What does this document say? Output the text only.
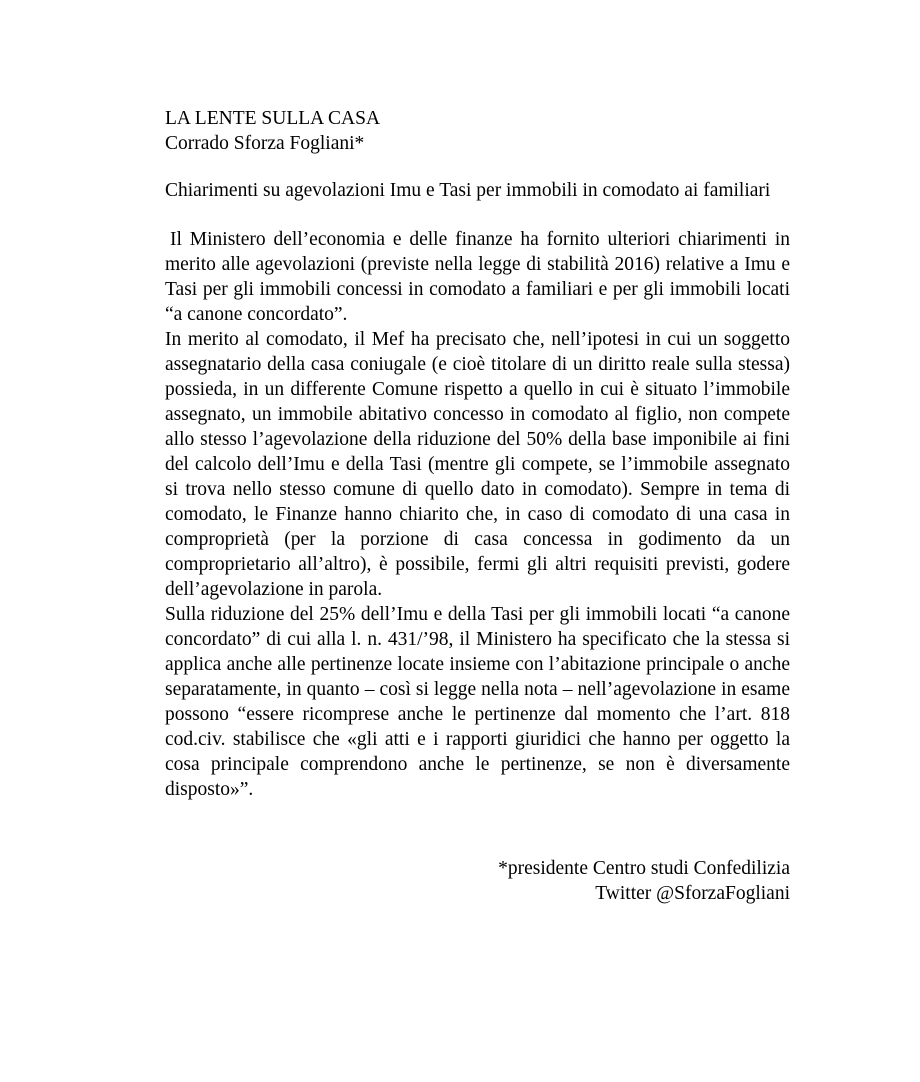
LA LENTE SULLA CASA
Corrado Sforza Fogliani*

Chiarimenti su agevolazioni Imu e Tasi per immobili in comodato ai familiari

Il Ministero dell’economia e delle finanze ha fornito ulteriori chiarimenti in merito alle agevolazioni (previste nella legge di stabilità 2016) relative a Imu e Tasi per gli immobili concessi in comodato a familiari e per gli immobili locati “a canone concordato”.

In merito al comodato, il Mef ha precisato che, nell’ipotesi in cui un soggetto assegnatario della casa coniugale (e cioè titolare di un diritto reale sulla stessa) possieda, in un differente Comune rispetto a quello in cui è situato l’immobile assegnato, un immobile abitativo concesso in comodato al figlio, non compete allo stesso l’agevolazione della riduzione del 50% della base imponibile ai fini del calcolo dell’Imu e della Tasi (mentre gli compete, se l’immobile assegnato si trova nello stesso comune di quello dato in comodato). Sempre in tema di comodato, le Finanze hanno chiarito che, in caso di comodato di una casa in comproprietà (per la porzione di casa concessa in godimento da un comproprietario all’altro), è possibile, fermi gli altri requisiti previsti, godere dell’agevolazione in parola.

Sulla riduzione del 25% dell’Imu e della Tasi per gli immobili locati “a canone concordato” di cui alla l. n. 431/’98, il Ministero ha specificato che la stessa si applica anche alle pertinenze locate insieme con l’abitazione principale o anche separatamente, in quanto – così si legge nella nota – nell’agevolazione in esame possono “essere ricomprese anche le pertinenze dal momento che l’art. 818 cod.civ. stabilisce che «gli atti e i rapporti giuridici che hanno per oggetto la cosa principale comprendono anche le pertinenze, se non è diversamente disposto»”.

*presidente Centro studi Confedilizia
Twitter @SforzaFogliani
